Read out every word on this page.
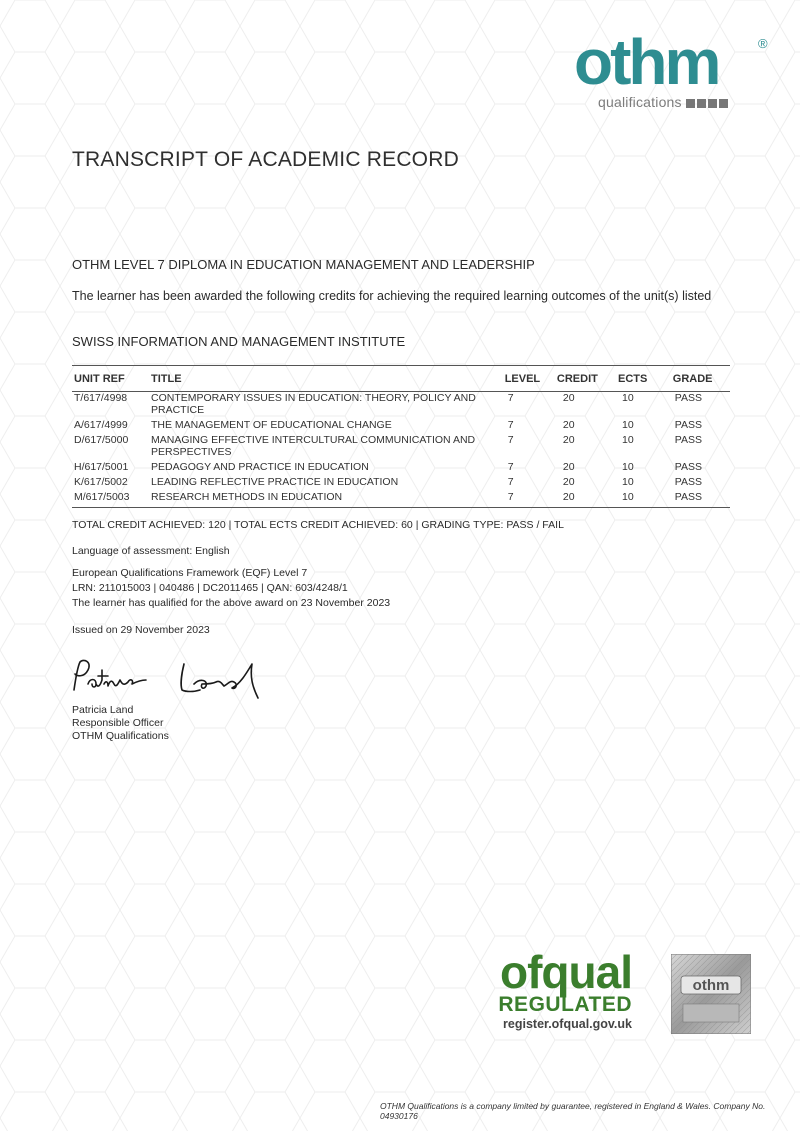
othm	®
qualifications
TRANSCRIPT OF ACADEMIC RECORD
OTHM LEVEL 7 DIPLOMA IN EDUCATION MANAGEMENT AND LEADERSHIP
The learner has been awarded the following credits for achieving the required learning outcomes of the unit(s) listed
SWISS INFORMATION AND MANAGEMENT INSTITUTE
UNIT REF	TITLE	LEVEL	CREDIT	ECTS	GRADE
T/617/4998	CONTEMPORARY ISSUES IN EDUCATION: THEORY, POLICY AND PRACTICE	7	20	10	PASS
A/617/4999	THE MANAGEMENT OF EDUCATIONAL CHANGE	7	20	10	PASS
D/617/5000	MANAGING EFFECTIVE INTERCULTURAL COMMUNICATION AND PERSPECTIVES	7	20	10	PASS
H/617/5001	PEDAGOGY AND PRACTICE IN EDUCATION	7	20	10	PASS
K/617/5002	LEADING REFLECTIVE PRACTICE IN EDUCATION	7	20	10	PASS
M/617/5003	RESEARCH METHODS IN EDUCATION	7	20	10	PASS
TOTAL CREDIT ACHIEVED: 120 | TOTAL ECTS CREDIT ACHIEVED: 60 | GRADING TYPE: PASS / FAIL
Language of assessment: English
European Qualifications Framework (EQF) Level 7
LRN: 211015003 | 040486 | DC2011465 | QAN: 603/4248/1
The learner has qualified for the above award on 23 November 2023
Issued on 29 November 2023
Patricia Land
Responsible Officer
OTHM Qualifications
ofqual
REGULATED
register.ofqual.gov.uk
othm
OTHM Qualifications is a company limited by guarantee, registered in England & Wales. Company No. 04930176
